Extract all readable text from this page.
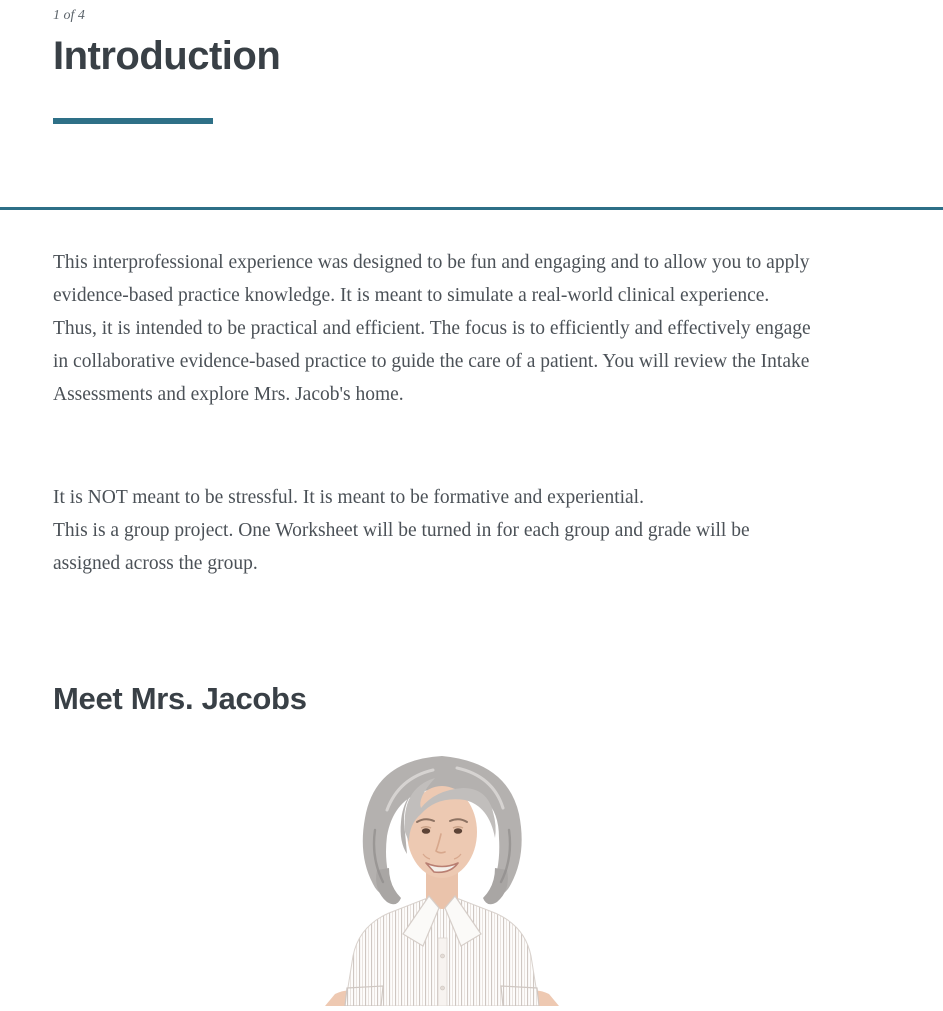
1 of 4
Introduction

This interprofessional experience was designed to be fun and engaging and to allow you to apply evidence-based practice knowledge. It is meant to simulate a real-world clinical experience. Thus, it is intended to be practical and efficient. The focus is to efficiently and effectively engage in collaborative evidence-based practice to guide the care of a patient. You will review the Intake Assessments and explore Mrs. Jacob's home.

It is NOT meant to be stressful. It is meant to be formative and experiential.
This is a group project. One Worksheet will be turned in for each group and grade will be assigned across the group.
Meet Mrs. Jacobs
